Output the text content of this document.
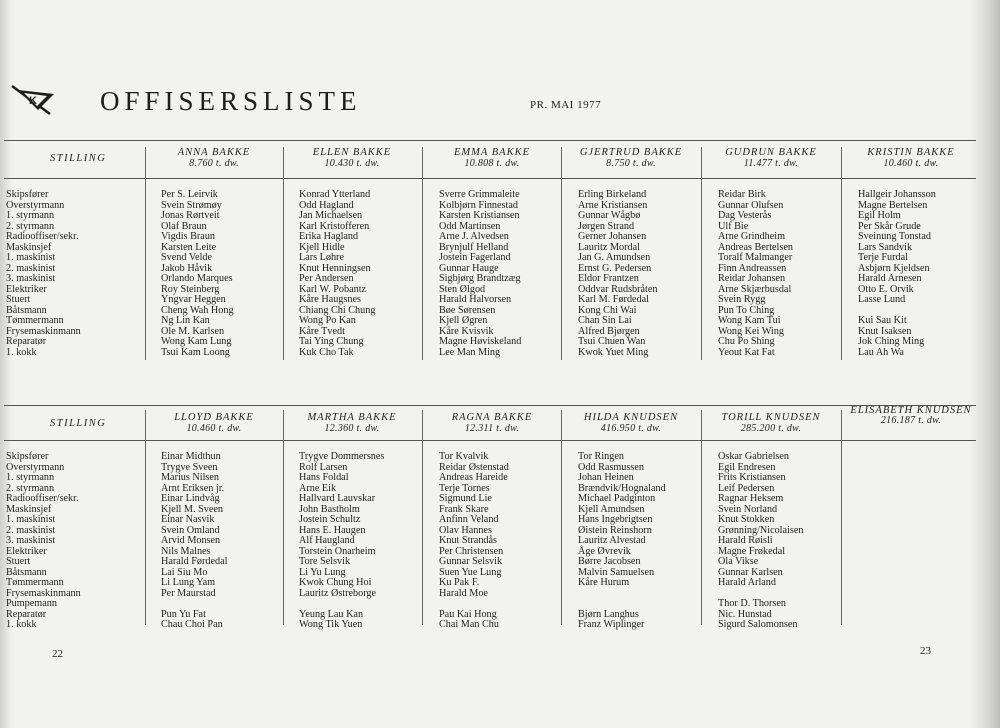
K OFFISERSLISTE	PR. MAI 1977
STILLING
Skipsfører
Overstyrmann
1. styrmann
2. styrmann
Radiooffiser/sekr.
Maskinsjef
1. maskinist
2. maskinist
3. maskinist
Elektriker
Stuert
Båtsmann
Tømmermann
Frysemaskinmann
Reparatør
1. kokk
ANNA BAKKE
8.760 t. dw.
Per S. Leirvik
Svein Strømøy
Jonas Rørtveit
Olaf Braun
Vigdis Braun
Karsten Leite
Svend Velde
Jakob Håvik
Orlando Marques
Roy Steinberg
Yngvar Heggen
Cheng Wah Hong
Ng Lin Kan
Ole M. Karlsen
Wong Kam Lung
Tsui Kam Loong
ELLEN BAKKE
10.430 t. dw.
Konrad Ytterland
Odd Hagland
Jan Michaelsen
Karl Kristofferen
Erika Hagland
Kjell Hidle
Lars Løhre
Knut Henningsen
Per Andersen
Karl W. Pobantz
Kåre Haugsnes
Chiang Chi Chung
Wong Po Kan
Kåre Tvedt
Tai Ying Chung
Kuk Cho Tak
EMMA BAKKE
10.808 t. dw.
Sverre Grimmaleite
Kolbjørn Finnestad
Karsten Kristiansen
Odd Martinsen
Arne J. Alvedsen
Brynjulf Helland
Jostein Fagerland
Gunnar Hauge
Sigbjørg Brandtzæg
Sten Ølgod
Harald Halvorsen
Bøe Sørensen
Kjell Øgren
Kåre Kvisvik
Magne Høviskeland
Lee Man Ming
GJERTRUD BAKKE
8.750 t. dw.
Erling Birkeland
Arne Kristiansen
Gunnar Wågbø
Jørgen Strand
Gerner Johansen
Lauritz Mordal
Jan G. Amundsen
Ernst G. Pedersen
Eldor Frantzen
Oddvar Rudsbråten
Karl M. Førdedal
Kong Chi Wai
Chan Sin Lai
Alfred Bjørgen
Tsui Chuen Wan
Kwok Yuet Ming
GUDRUN BAKKE
11.477 t. dw.
Reidar Birk
Gunnar Olufsen
Dag Vesterås
Ulf Bie
Arne Grindheim
Andreas Bertelsen
Toralf Malmanger
Finn Andreassen
Reidar Johansen
Arne Skjærbusdal
Svein Rygg
Pun To Ching
Wong Kam Tui
Wong Kei Wing
Chu Po Shing
Yeout Kat Fat
KRISTIN BAKKE
10.460 t. dw.
Hallgeir Johansson
Magne Bertelsen
Egil Holm
Per Skår Grude
Sveinung Tonstad
Lars Sandvik
Terje Furdal
Asbjørn Kjeldsen
Harald Arnesen
Otto E. Orvik
Lasse Lund
Kui Sau Kit
Knut Isaksen
Jok Ching Ming
Lau Ah Wa
STILLING
Skipsfører
Overstyrmann
1. styrmann
2. styrmann
Radiooffiser/sekr.
Maskinsjef
1. maskinist
2. maskinist
3. maskinist
Elektriker
Stuert
Båtsmann
Tømmermann
Frysemaskinmann
Pumpemann
Reparatør
1. kokk
LLOYD BAKKE
10.460 t. dw.
Einar Midthun
Trygve Sveen
Marius Nilsen
Arnt Eriksen jr.
Einar Lindvåg
Kjell M. Sveen
Einar Nasvik
Svein Omland
Arvid Monsen
Nils Malnes
Harald Førdedal
Lai Siu Mo
Li Lung Yam
Per Maurstad
Pun Yu Fat
Chau Choi Pan
MARTHA BAKKE
12.360 t. dw.
Trygve Dommersnes
Rolf Larsen
Hans Foldal
Arne Eik
Hallvard Lauvskar
John Bastholm
Jostein Schultz
Hans E. Haugen
Alf Haugland
Torstein Onarheim
Tore Selsvik
Li Yu Lung
Kwok Chung Hoi
Lauritz Østreborge
Yeung Lau Kan
Wong Tik Yuen
RAGNA BAKKE
12.311 t. dw.
Tor Kvalvik
Reidar Østenstad
Andreas Hareide
Terje Tornes
Sigmund Lie
Frank Skare
Anfinn Veland
Olav Hannes
Knut Strandås
Per Christensen
Gunnar Selsvik
Suen Yue Lung
Ku Pak F.
Harald Moe
Pau Kai Hong
Chai Man Chu
HILDA KNUDSEN
416.950 t. dw.
Tor Ringen
Odd Rasmussen
Johan Heinen
Brændvik/Hognaland
Michael Padginton
Kjell Amundsen
Hans Ingebrigtsen
Øistein Reinshorn
Lauritz Alvestad
Åge Øvrevik
Børre Jacobsen
Malvin Samuelsen
Kåre Hurum
Bjørn Langhus
Franz Wiplinger
TORILL KNUDSEN
285.200 t. dw.
Oskar Gabrielsen
Egil Endresen
Frits Kristiansen
Leif Pedersen
Ragnar Heksem
Svein Norland
Knut Stokken
Grønning/Nicolaisen
Harald Røisli
Magne Frøkedal
Ola Vikse
Gunnar Karlsen
Harald Arland
Thor D. Thorsen
Nic. Hunstad
Sigurd Salomonsen
ELISABETH KNUDSEN
216.187 t. dw.
22	23
